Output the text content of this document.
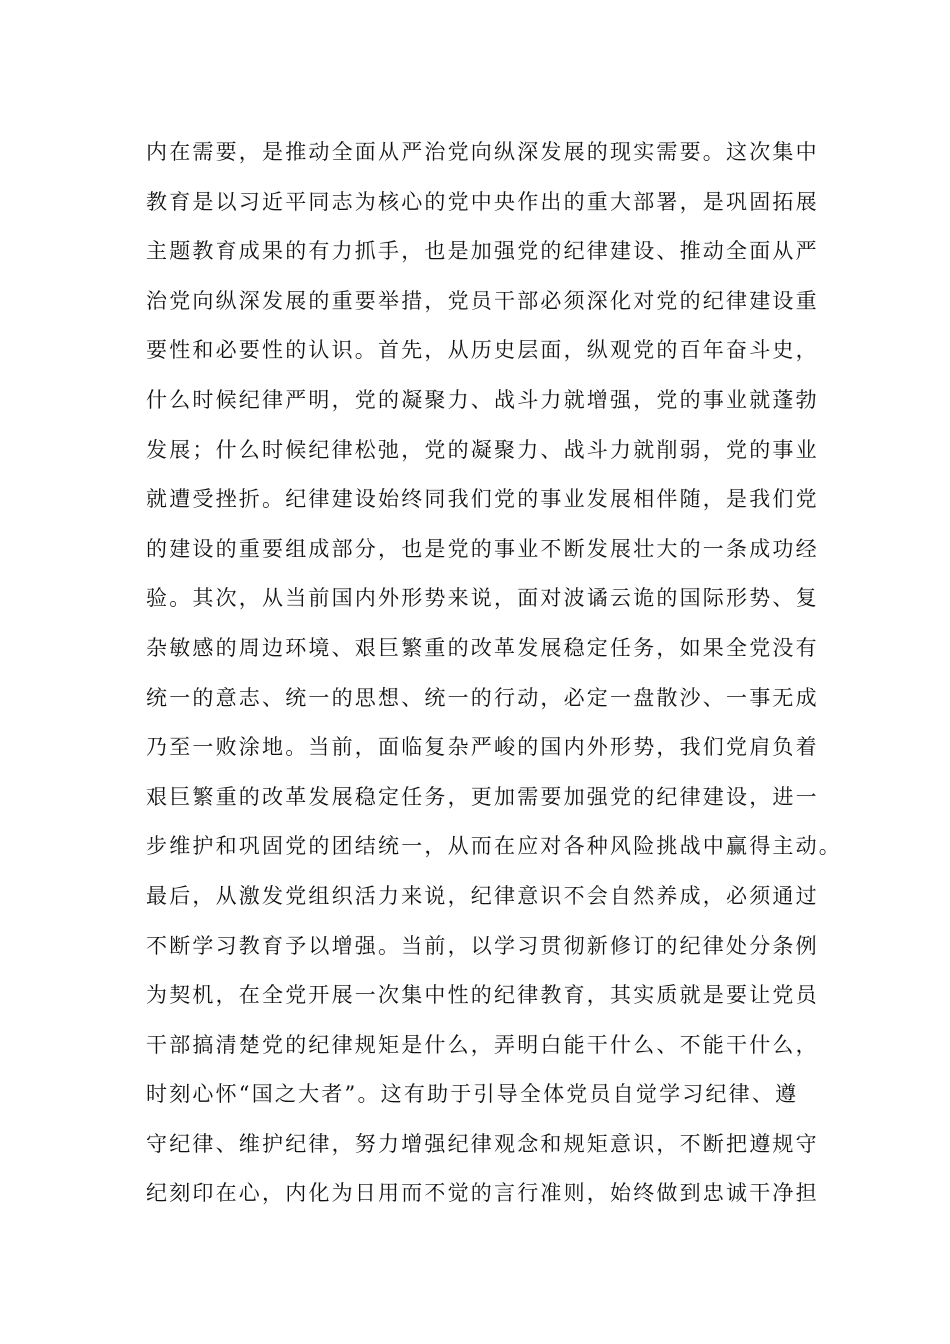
内在需要，是推动全面从严治党向纵深发展的现实需要。这次集中
教育是以习近平同志为核心的党中央作出的重大部署，是巩固拓展
主题教育成果的有力抓手，也是加强党的纪律建设、推动全面从严
治党向纵深发展的重要举措，党员干部必须深化对党的纪律建设重
要性和必要性的认识。首先，从历史层面，纵观党的百年奋斗史，
什么时候纪律严明，党的凝聚力、战斗力就增强，党的事业就蓬勃
发展；什么时候纪律松弛，党的凝聚力、战斗力就削弱，党的事业
就遭受挫折。纪律建设始终同我们党的事业发展相伴随，是我们党
的建设的重要组成部分，也是党的事业不断发展壮大的一条成功经
验。其次，从当前国内外形势来说，面对波谲云诡的国际形势、复
杂敏感的周边环境、艰巨繁重的改革发展稳定任务，如果全党没有
统一的意志、统一的思想、统一的行动，必定一盘散沙、一事无成
乃至一败涂地。当前，面临复杂严峻的国内外形势，我们党肩负着
艰巨繁重的改革发展稳定任务，更加需要加强党的纪律建设，进一
步维护和巩固党的团结统一，从而在应对各种风险挑战中赢得主动。
最后，从激发党组织活力来说，纪律意识不会自然养成，必须通过
不断学习教育予以增强。当前，以学习贯彻新修订的纪律处分条例
为契机，在全党开展一次集中性的纪律教育，其实质就是要让党员
干部搞清楚党的纪律规矩是什么，弄明白能干什么、不能干什么，
时刻心怀“国之大者”。这有助于引导全体党员自觉学习纪律、遵
守纪律、维护纪律，努力增强纪律观念和规矩意识，不断把遵规守
纪刻印在心，内化为日用而不觉的言行准则，始终做到忠诚干净担
